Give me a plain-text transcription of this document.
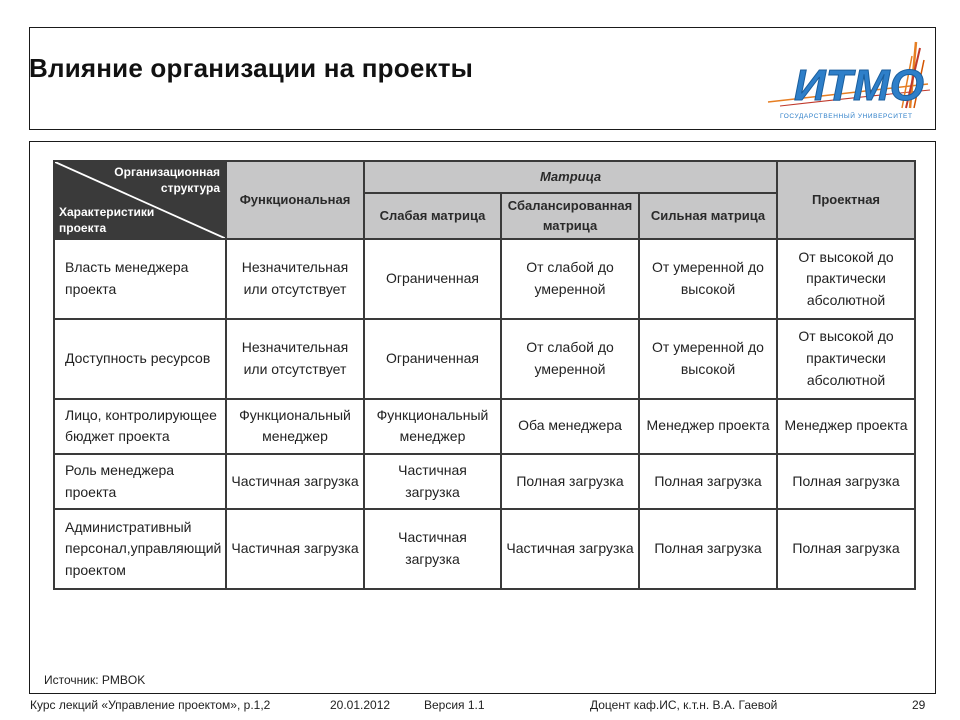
Влияние организации на проекты	ИТМО
ГОСУДАРСТВЕННЫЙ УНИВЕРСИТЕТ
Организационная
структура
Характеристики
проекта	Функциональная	Матрица			Проектная
		Слабая матрица	Сбалансированная матрица	Сильная матрица	
Власть менеджера проекта	Незначительная или отсутствует	Ограниченная	От слабой до умеренной	От умеренной до высокой	От высокой до практически абсолютной
Доступность ресурсов	Незначительная или отсутствует	Ограниченная	От слабой до умеренной	От умеренной до высокой	От высокой до практически абсолютной
Лицо, контролирующее бюджет проекта	Функциональный менеджер	Функциональный менеджер	Оба менеджера	Менеджер проекта	Менеджер проекта
Роль менеджера проекта	Частичная загрузка	Частичная загрузка	Полная загрузка	Полная загрузка	Полная загрузка
Административный персонал,управляющий проектом	Частичная загрузка	Частичная загрузка	Частичная загрузка	Полная загрузка	Полная загрузка
Источник: PMBOK
Курс лекций «Управление проектом», р.1,2	20.01.2012	Версия 1.1	Доцент каф.ИС, к.т.н. В.А. Гаевой	29
